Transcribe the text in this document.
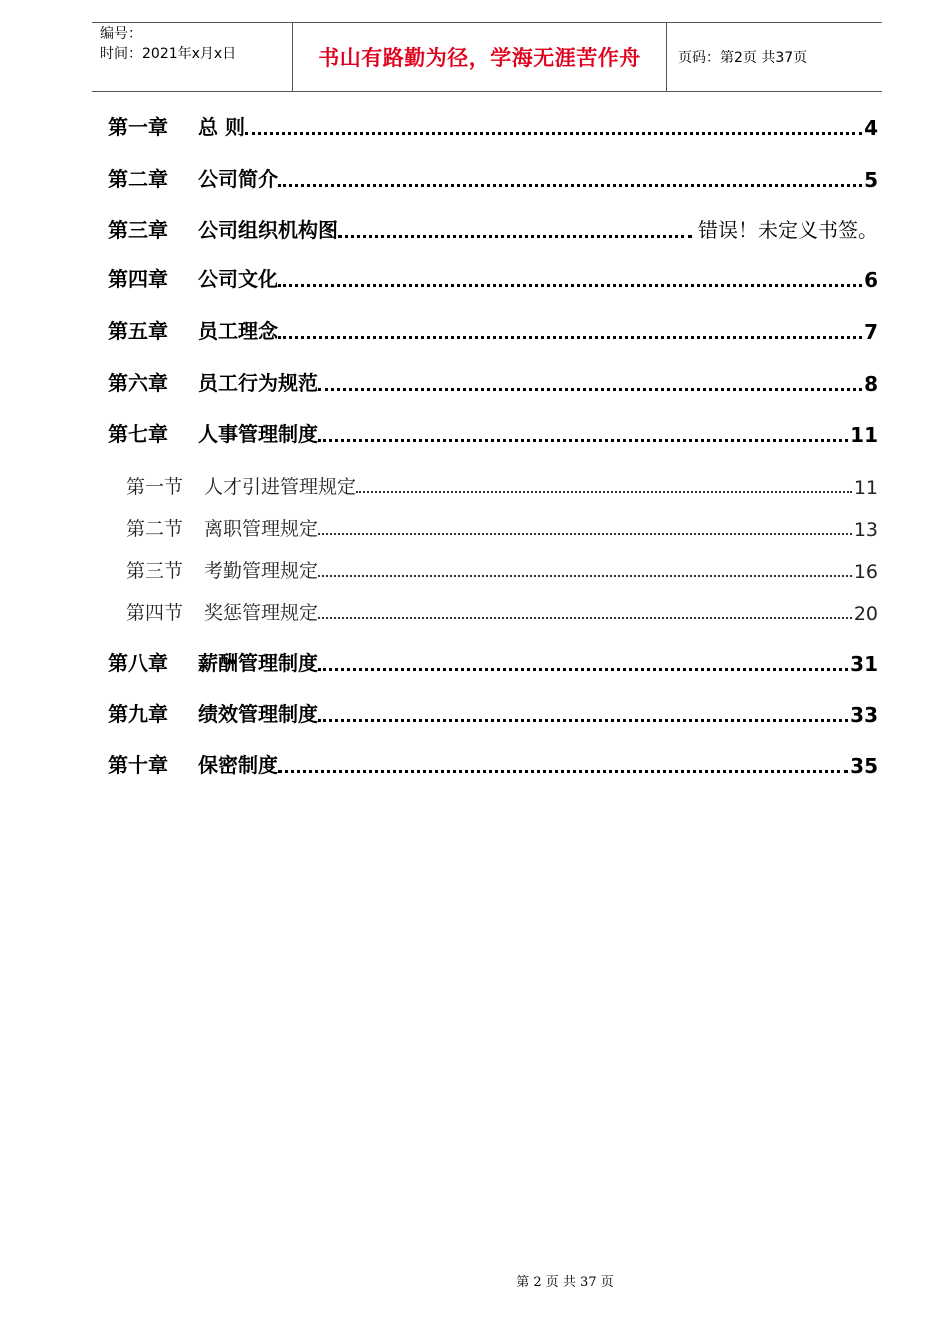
编号：
时间：2021年x月x日	书山有路勤为径，学海无涯苦作舟	页码：第2页 共37页
第一章 总 则	4
第二章 公司简介	5
第三章 公司组织机构图	错误！未定义书签。
第四章 公司文化	6
第五章 员工理念	7
第六章 员工行为规范	8
第七章 人事管理制度	11
第一节 人才引进管理规定	11
第二节 离职管理规定	13
第三节 考勤管理规定	16
第四节 奖惩管理规定	20
第八章 薪酬管理制度	31
第九章 绩效管理制度	33
第十章 保密制度	35
第 2 页 共 37 页
